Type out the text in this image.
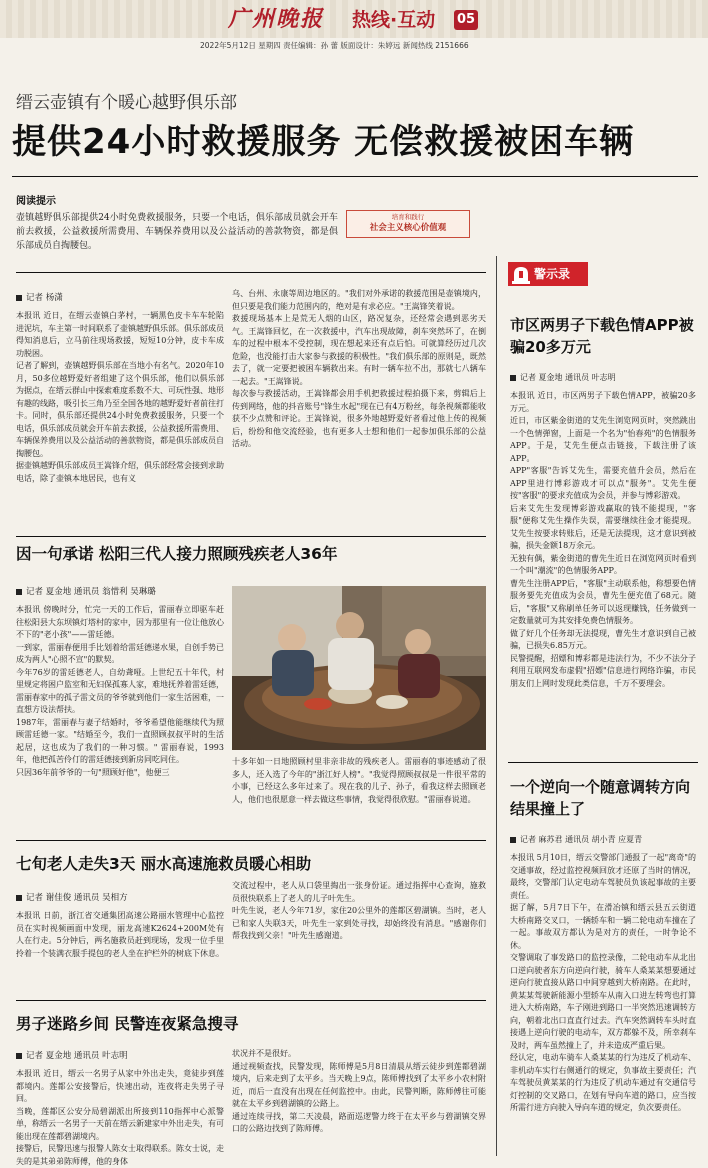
广州晚报	热线·互动	05
2022年5月12日 星期四 责任编辑：孙 蕾 版面设计：朱婷远 新闻热线 2151666
缙云壶镇有个暖心越野俱乐部
提供24小时救援服务 无偿救援被困车辆
阅读提示
壶镇越野俱乐部提供24小时免费救援服务，只要一个电话，俱乐部成员就会开车前去救援，公益救援所需费用、车辆保养费用以及公益活动的善款物资，都是俱乐部成员自掏腰包。
培育和践行
社会主义核心价值观
记者 杨潇
本报讯 近日，在缙云壶镇白茅村，一辆黑色皮卡车车轮陷进泥坑，车主第一时间联系了壶镇越野俱乐部。俱乐部成员得知消息后，立马前往现场救援，短短10分钟，皮卡车成功脱困。
记者了解到，壶镇越野俱乐部在当地小有名气。2020年10月，50多位越野爱好者组建了这个俱乐部，他们以俱乐部为据点，在缙云群山中探索难度系数不大、可玩性强、地形有趣的线路，吸引长三角乃至全国各地的越野爱好者前往打卡。同时，俱乐部还提供24小时免费救援服务，只要一个电话，俱乐部成员就会开车前去救援，公益救援所需费用、车辆保养费用以及公益活动的善款物资，都是俱乐部成员自掏腰包。
据壶镇越野俱乐部成员王嵩锋介绍，俱乐部经常会接到求助电话，除了壶镇本地居民，也有义
乌、台州、永康等周边地区的。"我们对外承诺的救援范围是壶镇境内，但只要是我们能力范围内的，绝对是有求必应。"王嵩锋笑着说。
救援现场基本上是荒无人烟的山区，路况复杂，还经常会遇到恶劣天气。王嵩锋回忆，在一次救援中，汽车出现故障，刹车突然坏了，在倒车的过程中根本不受控制，现在想起来还有点后怕。可就算经历过几次危险，也没能打击大家参与救援的积极性。"我们俱乐部的原则是，既然去了，就一定要把被困车辆救出来。有时一辆车拉不出，那就七八辆车一起去。"王嵩锋说。
每次参与救援活动，王嵩锋都会用手机把救援过程拍摄下来，剪辑后上传到网络，他的抖音账号"锋生水起"现在已有4万粉丝，每条视频都能收获不少点赞和评论。王嵩锋说，很多外地越野爱好者看过他上传的视频后，纷纷和他交流经验，也有更多人士想和他们一起参加俱乐部的公益活动。
因一句承诺 松阳三代人接力照顾残疾老人36年
记者 夏金地 通讯员 翁惜利 吴琳璐
本报讯 傍晚时分，忙完一天的工作后，雷丽春立即驱车赶往松阳县大东坝镇灯塔村的家中，因为那里有一位让他放心不下的"老小孩"——雷廷德。
一到家，雷丽春便用手比划着给雷廷德递水果，自创手势已成为两人"心照不宣"的默契。
今年76岁的雷廷德老人，自幼聋哑。上世纪五十年代，村里规定将困户监室和无妇保孤寡人家，难地抚养着雷廷德，雷丽春家中的孤子雷文员的爷爷就到他们一家生活困难，一直想方设法帮扶。
1987年，雷丽春与妻子结婚时，爷爷希望他能继续代为照顾雷廷德一家。"结婚至今，我们一直照顾叔叔平时的生活起居，这也成为了我们的一种习惯。" 雷丽春说，1993年，他把孤苦伶仃的雷廷德接到新房同吃同住。
只因36年前爷爷的一句"照顾好他"，他便三
十多年如一日地照顾村里非亲非故的残疾老人。雷丽春的事迹感动了很多人，还入选了今年的"浙江好人榜"。"我觉得照顾叔叔是一件很平常的小事，已经这么多年过来了。现在我的儿子、孙子，看我这样去照顾老人，他们也很愿意一样去做这些事情，我觉得很欣慰。"雷丽春说道。
七旬老人走失3天 丽水高速施救员暖心相助
记者 谢佳俊 通讯员 吴相方
本报讯 日前，浙江省交通集团高速公路丽水管理中心监控员在实时视频画面中发现，丽龙高速K2624+200M处有人在行走。5分钟后，两名施救员赶到现场，发现一位手里拎着一个装满衣服手提包的老人坐在护栏外的树底下休息。
交流过程中，老人从口袋里掏出一张身份证。通过指挥中心查询，施救员很快联系上了老人的儿子叶先生。
叶先生说，老人今年71岁，家住20公里外的莲都区碧湖镇。当时，老人已和家人失联3天，叶先生一家到处寻找，却始终没有消息。"感谢你们帮我找到父亲！"叶先生感谢道。
男子迷路乡间 民警连夜紧急搜寻
记者 夏金地 通讯员 叶志明
本报讯 近日，缙云一名男子从家中外出走失，竟徒步到莲都境内。莲都公安接警后，快速出动，连夜将走失男子寻回。
当晚，莲都区公安分局碧湖派出所接到110指挥中心派警单，称缙云一名男子一天前在缙云新建家中外出走失，有可能出现在莲都碧湖境内。
接警后，民警迅速与报警人陈女士取得联系。陈女士说，走失的是其弟弟陈师傅，他的身体
状况并不是很好。
通过视频查找，民警发现，陈师傅是5月8日清晨从缙云徒步到莲都碧湖境内，后来走到了太平乡。当天晚上9点，陈师傅找到了太平乡小农村附近，而后一直没有出现在任何监控中。由此，民警判断，陈师傅往可能就在太平乡到碧湖镇的公路上。
通过连续寻找，第二天凌晨，路面巡逻警力终于在太平乡与碧湖镇交界口的公路边找到了陈师傅。
警示录
市区两男子下载色情APP被骗20多万元
记者 夏金地 通讯员 叶志明
本报讯 近日，市区两男子下载色情APP，被骗20多万元。
近日，市区紫金街道的艾先生浏览网页时，突然跳出一个色情弹窗，上面是一个名为"怡春苑"的色情服务APP。于是，艾先生便点击链接，下载注册了该APP。
APP"客服"告诉艾先生，需要充值升会员，然后在APP里进行博彩游戏才可以点"服务"。艾先生便按"客服"的要求充值成为会员，并参与博彩游戏。
后来艾先生发现博彩游戏赢取的钱不能提现，"客服"便称艾先生操作失误，需要继续往金才能提现。艾先生按要求转账后，还是无法提现，这才意识到被骗，损失金额18万余元。
无独有偶，紫金街道的曹先生近日在浏览网页时看到一个叫"潮流"的色情服务APP。
曹先生注册APP后，"客服"主动联系他，称想要色情服务要先充值成为会员，曹先生便充值了68元。随后，"客服"又称刷单任务可以返现赚钱，任务做到一定数量就可为其安排免费色情服务。
做了好几个任务却无法提现，曹先生才意识到自己被骗，已损失6.85万元。
民警提醒，招嫖和博彩都是违法行为，不少不法分子利用互联网发布虚假"招嫖"信息进行网络诈骗，市民朋友们上网时发现此类信息，千万不要理会。
一个逆向一个随意调转方向结果撞上了
记者 麻苏君 通讯员 胡小青 应夏青
本报讯 5月10日，缙云交警部门通报了一起"离奇"的交通事故，经过监控视频回放才还原了当时的情况，最终，交警部门认定电动车驾驶员负该起事故的主要责任。
据了解，5月7日下午，在滑冶镇和缙云县五云街道大桥南路交叉口，一辆轿车和一辆二轮电动车撞在了一起。事故双方都认为是对方的责任，一时争论不休。
交警调取了事发路口的监控录像，二轮电动车从北出口逆向驶者东方向逆向行驶，骑车人桑某某想要通过逆向行驶直接从路口中间穿越到大桥南路。在此时，黄某某驾驶新能源小型轿车从南入口进左转弯也打算进入大桥南路，车子刚进到路口一半突然迅速调转方向，朝着北出口直直行过去。汽车突然调转车头时直接遇上逆向行驶的电动车，双方都躲不及，所幸刹车及时，两车虽然撞上了，并未造成严重后果。
经认定，电动车骑车人桑某某的行为违反了机动车、非机动车实行右侧通行的规定，负事故主要责任；汽车驾驶员黄某某的行为违反了机动车通过有交通信号灯控制的交叉路口，在划有导向车道的路口，应当按所需行进方向驶入导向车道的规定，负次要责任。
